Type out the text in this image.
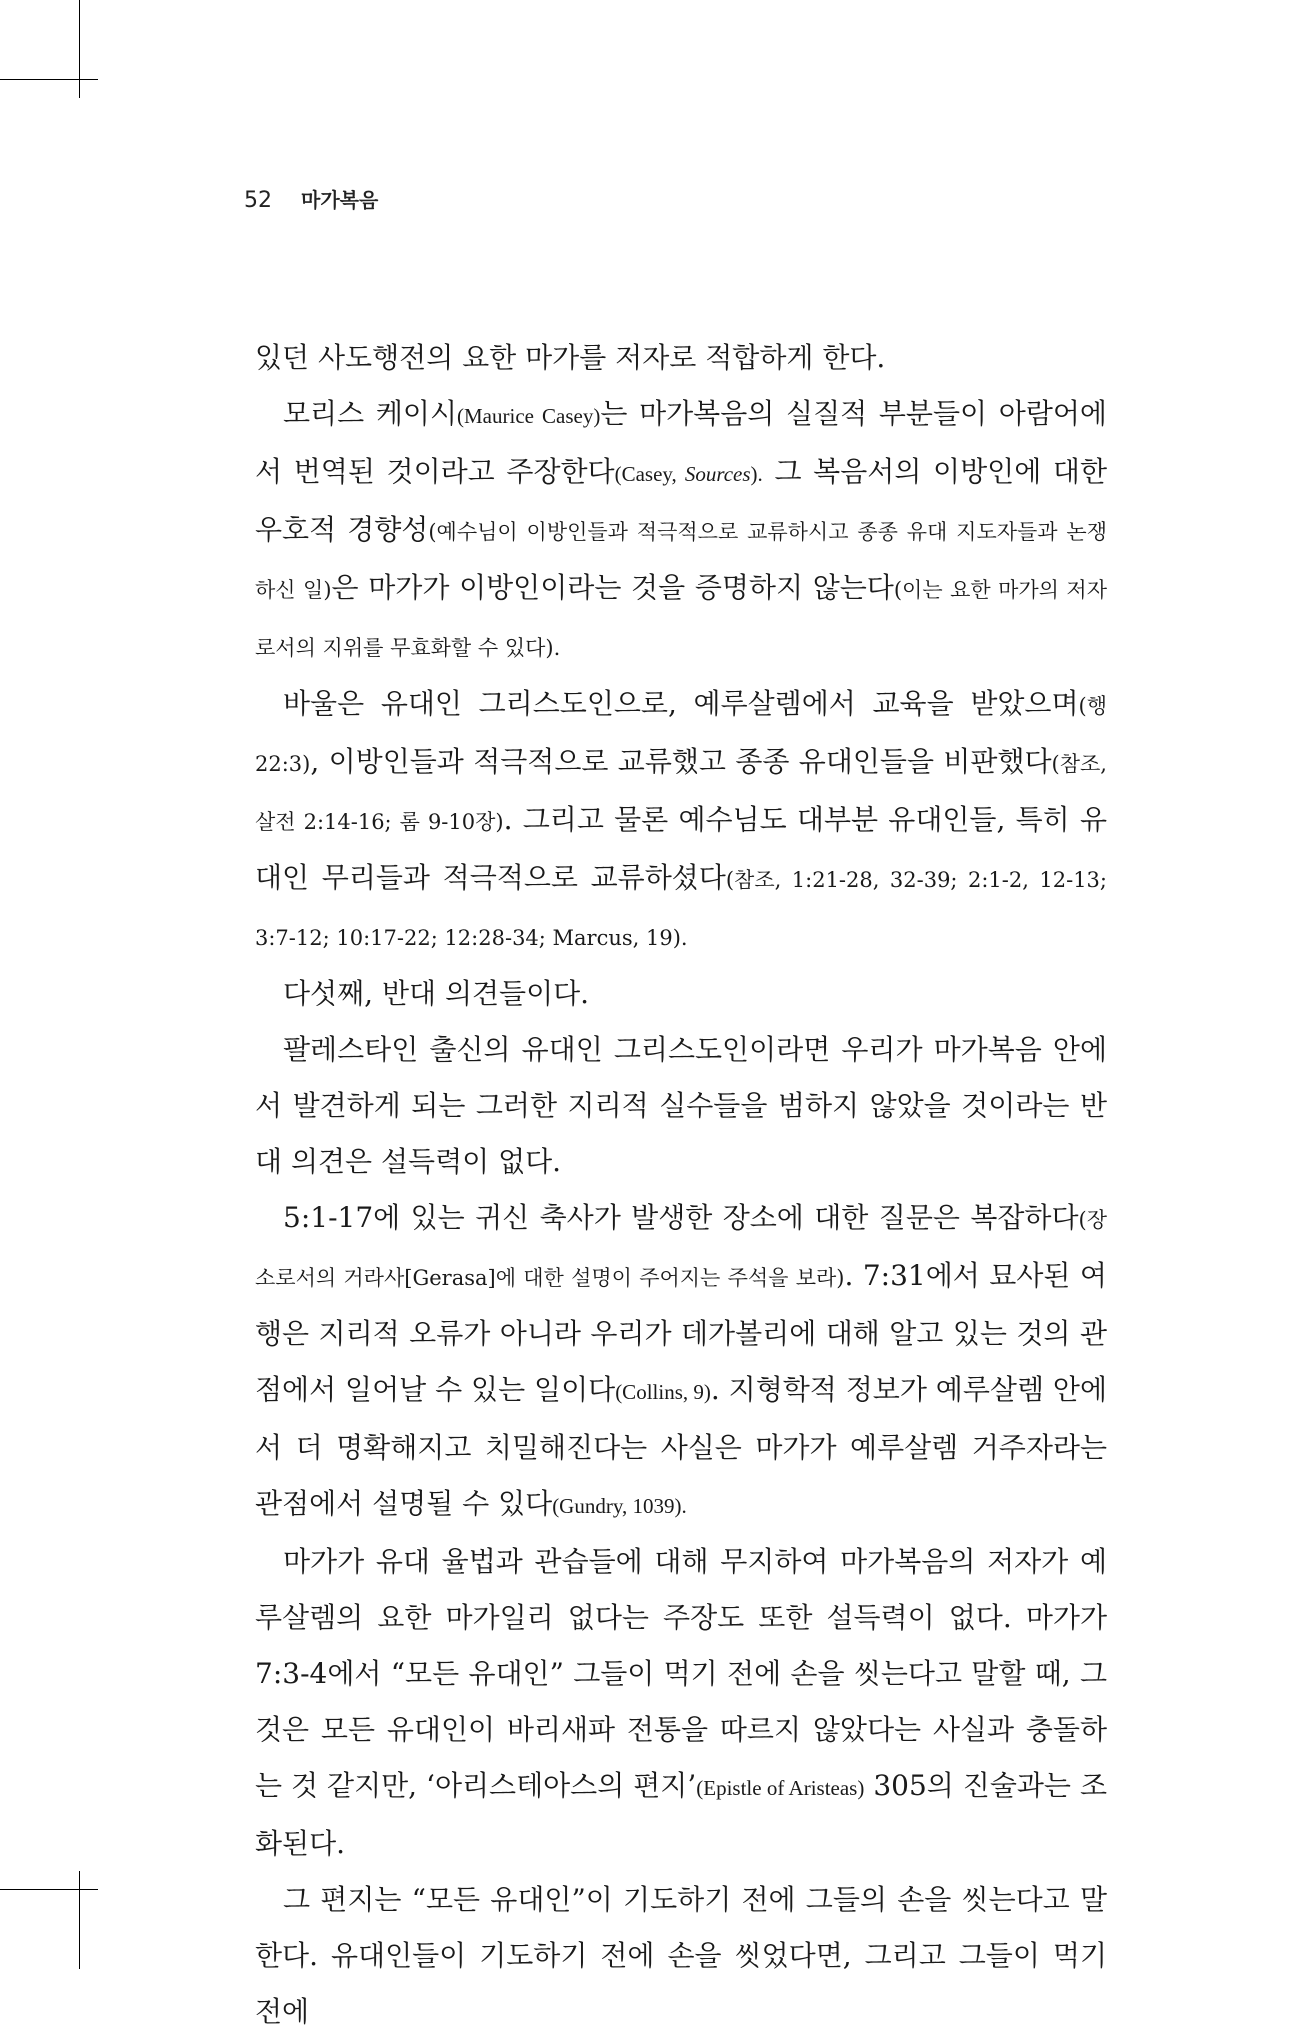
52 마가복음

있던 사도행전의 요한 마가를 저자로 적합하게 한다.

모리스 케이시(Maurice Casey)는 마가복음의 실질적 부분들이 아람어에서 번역된 것이라고 주장한다(Casey, Sources). 그 복음서의 이방인에 대한 우호적 경향성(예수님이 이방인들과 적극적으로 교류하시고 종종 유대 지도자들과 논쟁하신 일)은 마가가 이방인이라는 것을 증명하지 않는다(이는 요한 마가의 저자로서의 지위를 무효화할 수 있다).

바울은 유대인 그리스도인으로, 예루살렘에서 교육을 받았으며(행 22:3), 이방인들과 적극적으로 교류했고 종종 유대인들을 비판했다(참조, 살전 2:14-16; 롬 9-10장). 그리고 물론 예수님도 대부분 유대인들, 특히 유대인 무리들과 적극적으로 교류하셨다(참조, 1:21-28, 32-39; 2:1-2, 12-13; 3:7-12; 10:17-22; 12:28-34; Marcus, 19).

다섯째, 반대 의견들이다.

팔레스타인 출신의 유대인 그리스도인이라면 우리가 마가복음 안에서 발견하게 되는 그러한 지리적 실수들을 범하지 않았을 것이라는 반대 의견은 설득력이 없다.

5:1-17에 있는 귀신 축사가 발생한 장소에 대한 질문은 복잡하다(장소로서의 거라사[Gerasa]에 대한 설명이 주어지는 주석을 보라). 7:31에서 묘사된 여행은 지리적 오류가 아니라 우리가 데가볼리에 대해 알고 있는 것의 관점에서 일어날 수 있는 일이다(Collins, 9). 지형학적 정보가 예루살렘 안에서 더 명확해지고 치밀해진다는 사실은 마가가 예루살렘 거주자라는 관점에서 설명될 수 있다(Gundry, 1039).

마가가 유대 율법과 관습들에 대해 무지하여 마가복음의 저자가 예루살렘의 요한 마가일리 없다는 주장도 또한 설득력이 없다. 마가가 7:3-4에서 “모든 유대인” 그들이 먹기 전에 손을 씻는다고 말할 때, 그것은 모든 유대인이 바리새파 전통을 따르지 않았다는 사실과 충돌하는 것 같지만, ‘아리스테아스의 편지’(Epistle of Aristeas) 305의 진술과는 조화된다.

그 편지는 “모든 유대인”이 기도하기 전에 그들의 손을 씻는다고 말한다. 유대인들이 기도하기 전에 손을 씻었다면, 그리고 그들이 먹기 전에
